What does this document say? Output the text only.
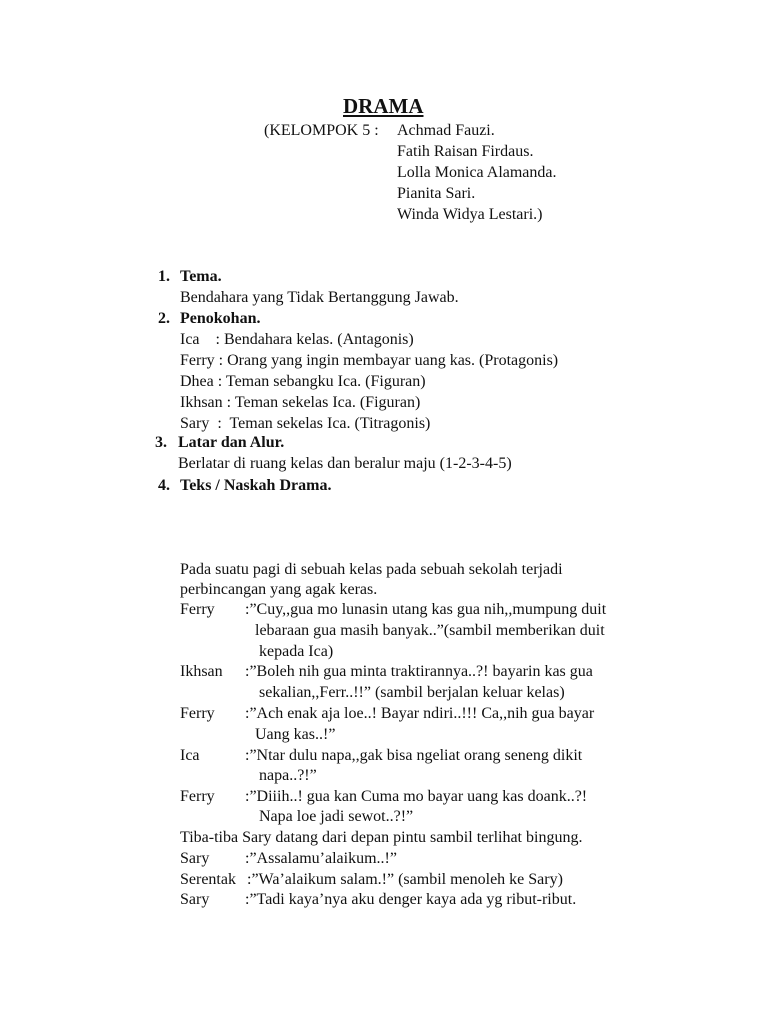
DRAMA
(KELOMPOK 5 : Achmad Fauzi.
Fatih Raisan Firdaus.
Lolla Monica Alamanda.
Pianita Sari.
Winda Widya Lestari.)
1. Tema.
Bendahara yang Tidak Bertanggung Jawab.
2. Penokohan.
Ica    : Bendahara kelas. (Antagonis)
Ferry : Orang yang ingin membayar uang kas. (Protagonis)
Dhea : Teman sebangku Ica. (Figuran)
Ikhsan : Teman sekelas Ica. (Figuran)
Sary  :  Teman sekelas Ica. (Titragonis)
3. Latar dan Alur.
Berlatar di ruang kelas dan beralur maju (1-2-3-4-5)
4. Teks / Naskah Drama.
Pada suatu pagi di sebuah kelas pada sebuah sekolah terjadi
perbincangan yang agak keras.
Ferry :”Cuy,,gua mo lunasin utang kas gua nih,,mumpung duit
lebaraan gua masih banyak..”(sambil memberikan duit
kepada Ica)
Ikhsan :”Boleh nih gua minta traktirannya..?! bayarin kas gua
sekalian,,Ferr..!!” (sambil berjalan keluar kelas)
Ferry :”Ach enak aja loe..! Bayar ndiri..!!! Ca,,nih gua bayar
Uang kas..!”
Ica	:”Ntar dulu napa,,gak bisa ngeliat orang seneng dikit
napa..?!”
Ferry :”Diiih..! gua kan Cuma mo bayar uang kas doank..?!
Napa loe jadi sewot..?!”
Tiba-tiba Sary datang dari depan pintu sambil terlihat bingung.
Sary :”Assalamu’alaikum..!”
Serentak :”Wa’alaikum salam.!” (sambil menoleh ke Sary)
Sary :”Tadi kaya’nya aku denger kaya ada yg ribut-ribut.
